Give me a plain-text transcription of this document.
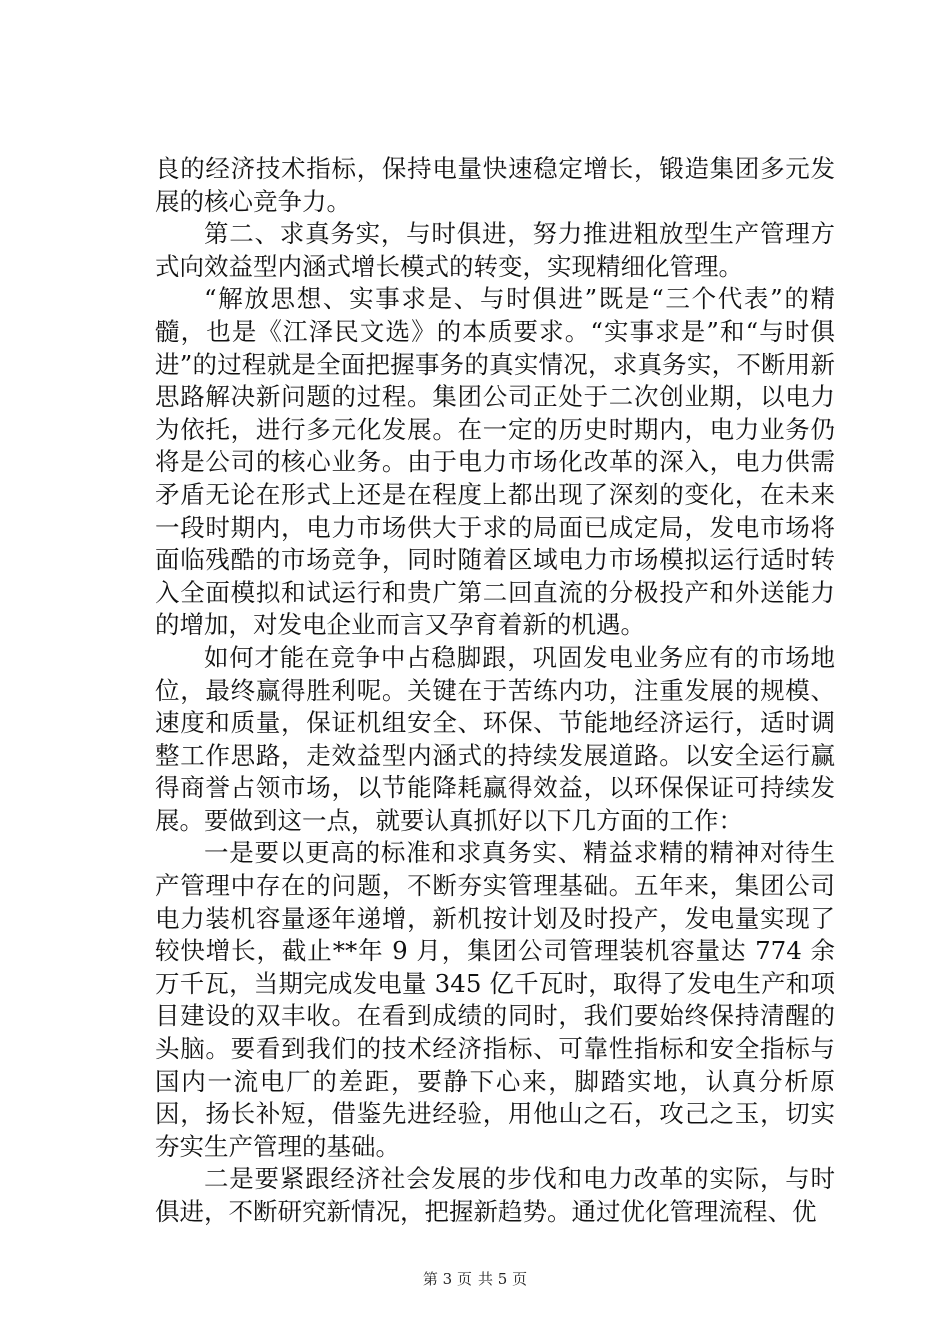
良的经济技术指标，保持电量快速稳定增长，锻造集团多元发展的核心竞争力。

第二、求真务实，与时俱进，努力推进粗放型生产管理方式向效益型内涵式增长模式的转变，实现精细化管理。

“解放思想、实事求是、与时俱进”既是“三个代表”的精髓，也是《江泽民文选》的本质要求。“实事求是”和“与时俱进”的过程就是全面把握事务的真实情况，求真务实，不断用新思路解决新问题的过程。集团公司正处于二次创业期，以电力为依托，进行多元化发展。在一定的历史时期内，电力业务仍将是公司的核心业务。由于电力市场化改革的深入，电力供需矛盾无论在形式上还是在程度上都出现了深刻的变化，在未来一段时期内，电力市场供大于求的局面已成定局，发电市场将面临残酷的市场竞争，同时随着区域电力市场模拟运行适时转入全面模拟和试运行和贵广第二回直流的分极投产和外送能力的增加，对发电企业而言又孕育着新的机遇。

如何才能在竞争中占稳脚跟，巩固发电业务应有的市场地位，最终赢得胜利呢。关键在于苦练内功，注重发展的规模、速度和质量，保证机组安全、环保、节能地经济运行，适时调整工作思路，走效益型内涵式的持续发展道路。以安全运行赢得商誉占领市场，以节能降耗赢得效益，以环保保证可持续发展。要做到这一点，就要认真抓好以下几方面的工作：

一是要以更高的标准和求真务实、精益求精的精神对待生产管理中存在的问题，不断夯实管理基础。五年来，集团公司电力装机容量逐年递增，新机按计划及时投产，发电量实现了较快增长，截止**年 9 月，集团公司管理装机容量达 774 余万千瓦，当期完成发电量 345 亿千瓦时，取得了发电生产和项目建设的双丰收。在看到成绩的同时，我们要始终保持清醒的头脑。要看到我们的技术经济指标、可靠性指标和安全指标与国内一流电厂的差距，要静下心来，脚踏实地，认真分析原因，扬长补短，借鉴先进经验，用他山之石，攻己之玉，切实夯实生产管理的基础。

二是要紧跟经济社会发展的步伐和电力改革的实际，与时俱进，不断研究新情况，把握新趋势。通过优化管理流程、优

第 3 页 共 5 页
